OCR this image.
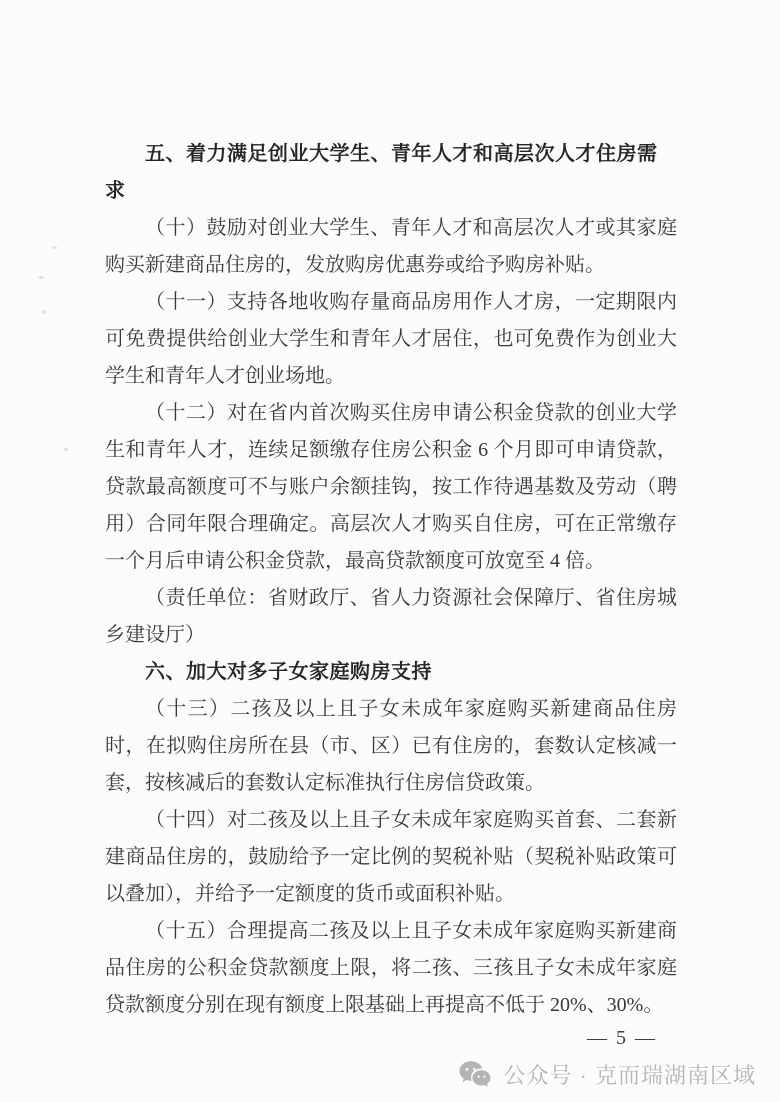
五、着力满足创业大学生、青年人才和高层次人才住房需求

（十）鼓励对创业大学生、青年人才和高层次人才或其家庭购买新建商品住房的，发放购房优惠券或给予购房补贴。

（十一）支持各地收购存量商品房用作人才房，一定期限内可免费提供给创业大学生和青年人才居住，也可免费作为创业大学生和青年人才创业场地。

（十二）对在省内首次购买住房申请公积金贷款的创业大学生和青年人才，连续足额缴存住房公积金 6 个月即可申请贷款，贷款最高额度可不与账户余额挂钩，按工作待遇基数及劳动（聘用）合同年限合理确定。高层次人才购买自住房，可在正常缴存一个月后申请公积金贷款，最高贷款额度可放宽至 4 倍。

（责任单位：省财政厅、省人力资源社会保障厅、省住房城乡建设厅）

六、加大对多子女家庭购房支持

（十三）二孩及以上且子女未成年家庭购买新建商品住房时，在拟购住房所在县（市、区）已有住房的，套数认定核减一套，按核减后的套数认定标准执行住房信贷政策。

（十四）对二孩及以上且子女未成年家庭购买首套、二套新建商品住房的，鼓励给予一定比例的契税补贴（契税补贴政策可以叠加），并给予一定额度的货币或面积补贴。

（十五）合理提高二孩及以上且子女未成年家庭购买新建商品住房的公积金贷款额度上限，将二孩、三孩且子女未成年家庭贷款额度分别在现有额度上限基础上再提高不低于 20%、30%。

— 5 —
公众号 · 克而瑞湖南区域
